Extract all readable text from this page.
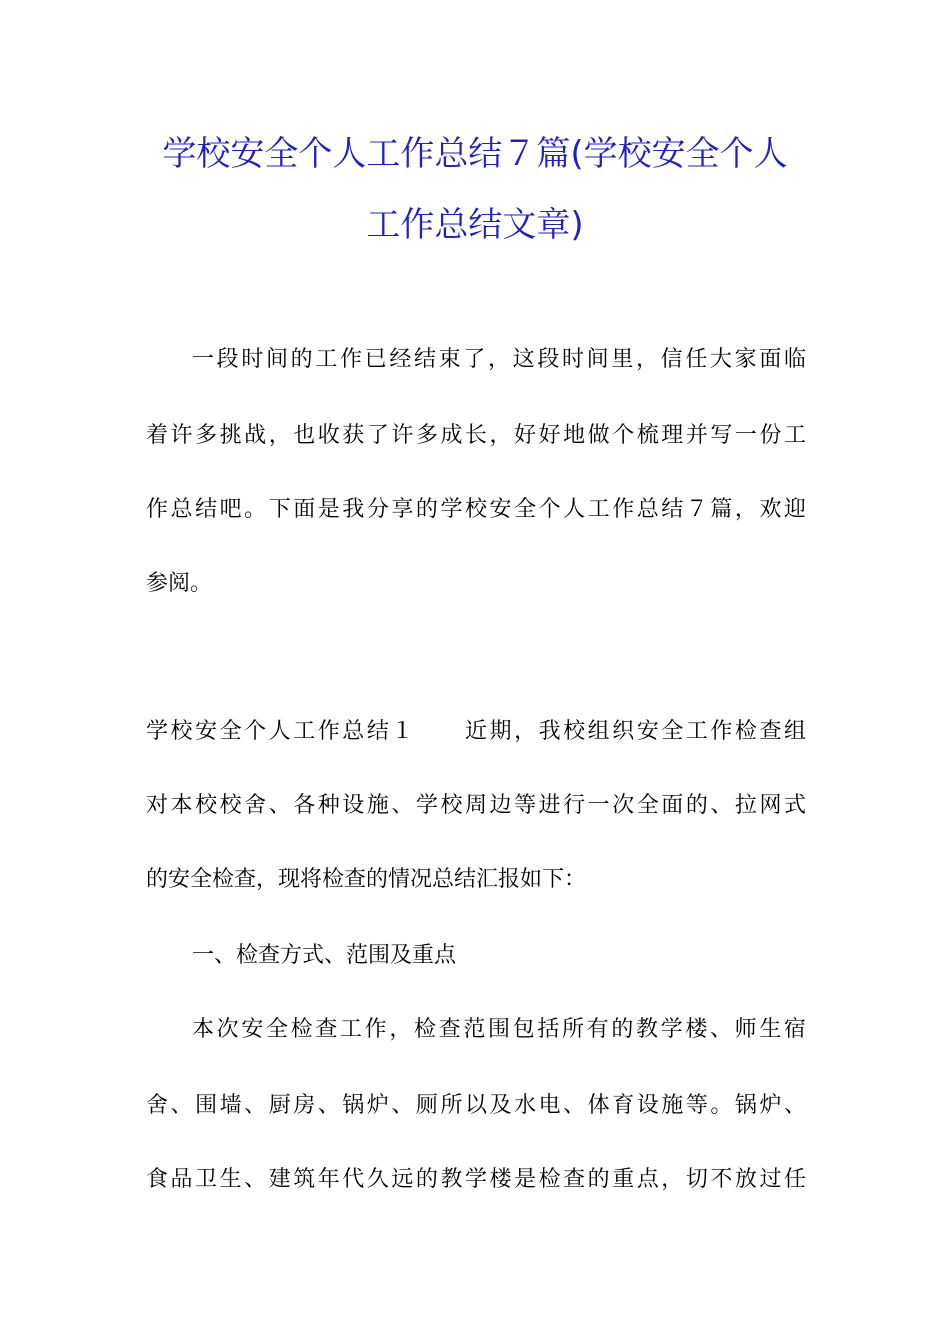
学校安全个人工作总结７篇(学校安全个人
工作总结文章)
一段时间的工作已经结束了，这段时间里，信任大家面临
着许多挑战，也收获了许多成长，好好地做个梳理并写一份工
作总结吧。下面是我分享的学校安全个人工作总结７篇，欢迎
参阅。
学校安全个人工作总结１　　近期，我校组织安全工作检查组
对本校校舍、各种设施、学校周边等进行一次全面的、拉网式
的安全检查，现将检查的情况总结汇报如下：
一、检查方式、范围及重点
本次安全检查工作，检查范围包括所有的教学楼、师生宿
舍、围墙、厨房、锅炉、厕所以及水电、体育设施等。锅炉、
食品卫生、建筑年代久远的教学楼是检查的重点，切不放过任
